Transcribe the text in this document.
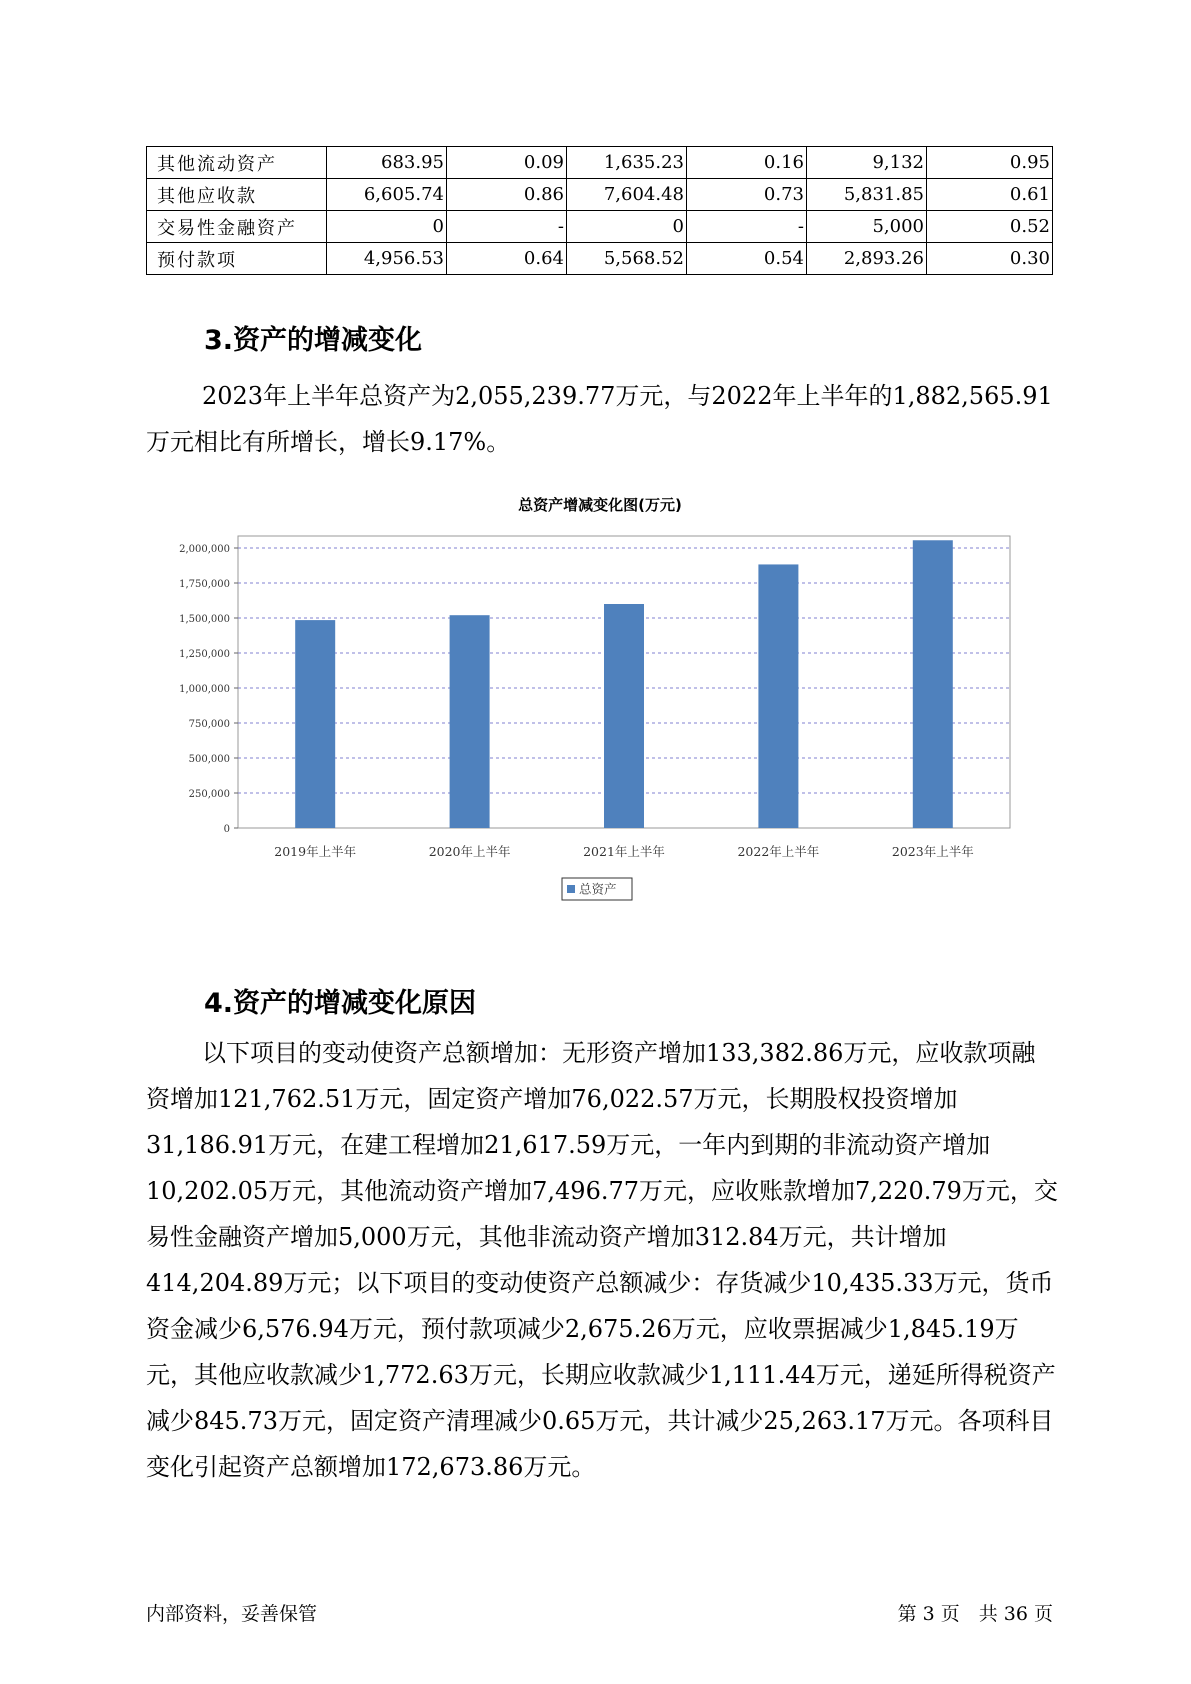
其他流动资产	683.95	0.09	1,635.23	0.16	9,132	0.95
其他应收款	6,605.74	0.86	7,604.48	0.73	5,831.85	0.61
交易性金融资产	0	-	0	-	5,000	0.52
预付款项	4,956.53	0.64	5,568.52	0.54	2,893.26	0.30
3.资产的增减变化

2023年上半年总资产为2,055,239.77万元，与2022年上半年的1,882,565.91万元相比有所增长，增长9.17%。

总资产增减变化图(万元)
0
250,000
500,000
750,000
1,000,000
1,250,000
1,500,000
1,750,000
2,000,000
2019年上半年	2020年上半年	2021年上半年	2022年上半年	2023年上半年
总资产
4.资产的增减变化原因

以下项目的变动使资产总额增加：无形资产增加133,382.86万元，应收款项融资增加121,762.51万元，固定资产增加76,022.57万元，长期股权投资增加31,186.91万元，在建工程增加21,617.59万元，一年内到期的非流动资产增加10,202.05万元，其他流动资产增加7,496.77万元，应收账款增加7,220.79万元，交易性金融资产增加5,000万元，其他非流动资产增加312.84万元，共计增加414,204.89万元；以下项目的变动使资产总额减少：存货减少10,435.33万元，货币资金减少6,576.94万元，预付款项减少2,675.26万元，应收票据减少1,845.19万元，其他应收款减少1,772.63万元，长期应收款减少1,111.44万元，递延所得税资产减少845.73万元，固定资产清理减少0.65万元，共计减少25,263.17万元。各项科目变化引起资产总额增加172,673.86万元。

内部资料，妥善保管	第 3 页　共 36 页
